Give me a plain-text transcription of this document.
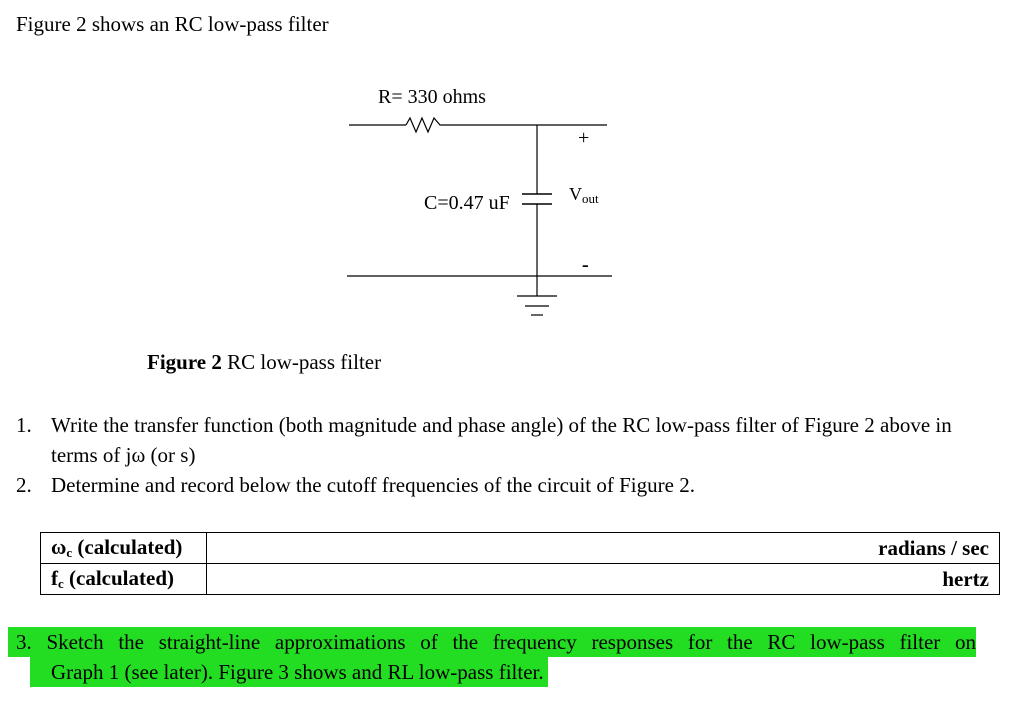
Figure 2 shows an RC low-pass filter
R= 330 ohms
C=0.47 uF
+
-
$V_{out}$
Figure 2 RC low-pass filter
1. Write the transfer function (both magnitude and phase angle) of the RC low-pass filter of Figure 2 above in terms of jω (or s)
2. Determine and record below the cutoff frequencies of the circuit of Figure 2.
$\omega_c$ (calculated)	radians / sec
$f_c$ (calculated)	hertz
3. Sketch the straight-line approximations of the frequency responses for the RC low-pass filter on
Graph 1 (see later). Figure 3 shows and RL low-pass filter.
